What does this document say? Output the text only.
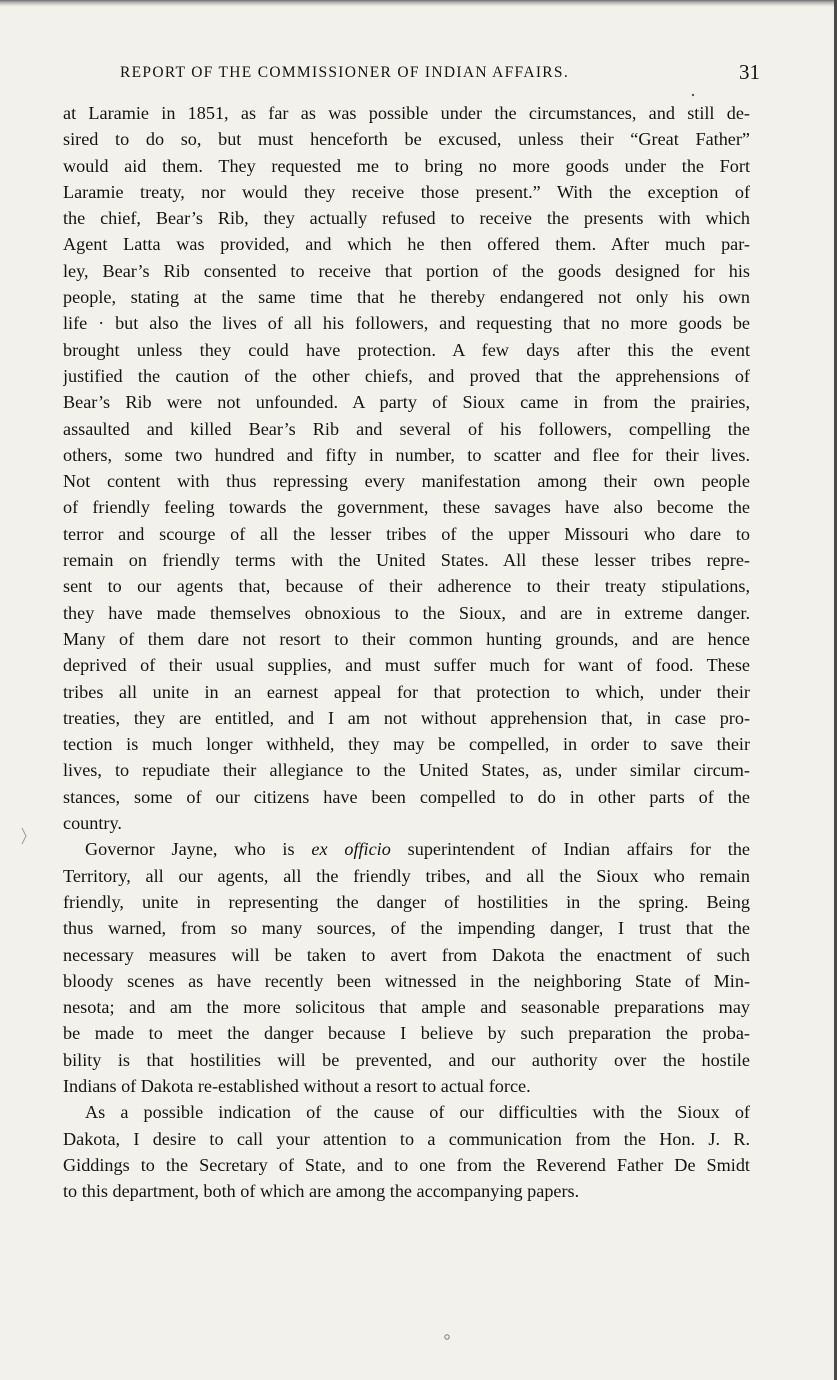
REPORT OF THE COMMISSIONER OF INDIAN AFFAIRS.	31
at Laramie in 1851, as far as was possible under the circumstances, and still de-
sired to do so, but must henceforth be excused, unless their “Great Father”
would aid them. They requested me to bring no more goods under the Fort
Laramie treaty, nor would they receive those present.” With the exception of
the chief, Bear’s Rib, they actually refused to receive the presents with which
Agent Latta was provided, and which he then offered them. After much par-
ley, Bear’s Rib consented to receive that portion of the goods designed for his
people, stating at the same time that he thereby endangered not only his own
life · but also the lives of all his followers, and requesting that no more goods be
brought unless they could have protection. A few days after this the event
justified the caution of the other chiefs, and proved that the apprehensions of
Bear’s Rib were not unfounded. A party of Sioux came in from the prairies,
assaulted and killed Bear’s Rib and several of his followers, compelling the
others, some two hundred and fifty in number, to scatter and flee for their lives.
Not content with thus repressing every manifestation among their own people
of friendly feeling towards the government, these savages have also become the
terror and scourge of all the lesser tribes of the upper Missouri who dare to
remain on friendly terms with the United States. All these lesser tribes repre-
sent to our agents that, because of their adherence to their treaty stipulations,
they have made themselves obnoxious to the Sioux, and are in extreme danger.
Many of them dare not resort to their common hunting grounds, and are hence
deprived of their usual supplies, and must suffer much for want of food. These
tribes all unite in an earnest appeal for that protection to which, under their
treaties, they are entitled, and I am not without apprehension that, in case pro-
tection is much longer withheld, they may be compelled, in order to save their
lives, to repudiate their allegiance to the United States, as, under similar circum-
stances, some of our citizens have been compelled to do in other parts of the
country.
Governor Jayne, who is ex officio superintendent of Indian affairs for the
Territory, all our agents, all the friendly tribes, and all the Sioux who remain
friendly, unite in representing the danger of hostilities in the spring. Being
thus warned, from so many sources, of the impending danger, I trust that the
necessary measures will be taken to avert from Dakota the enactment of such
bloody scenes as have recently been witnessed in the neighboring State of Min-
nesota; and am the more solicitous that ample and seasonable preparations may
be made to meet the danger because I believe by such preparation the proba-
bility is that hostilities will be prevented, and our authority over the hostile
Indians of Dakota re-established without a resort to actual force.
As a possible indication of the cause of our difficulties with the Sioux of
Dakota, I desire to call your attention to a communication from the Hon. J. R.
Giddings to the Secretary of State, and to one from the Reverend Father De Smidt
to this department, both of which are among the accompanying papers.
